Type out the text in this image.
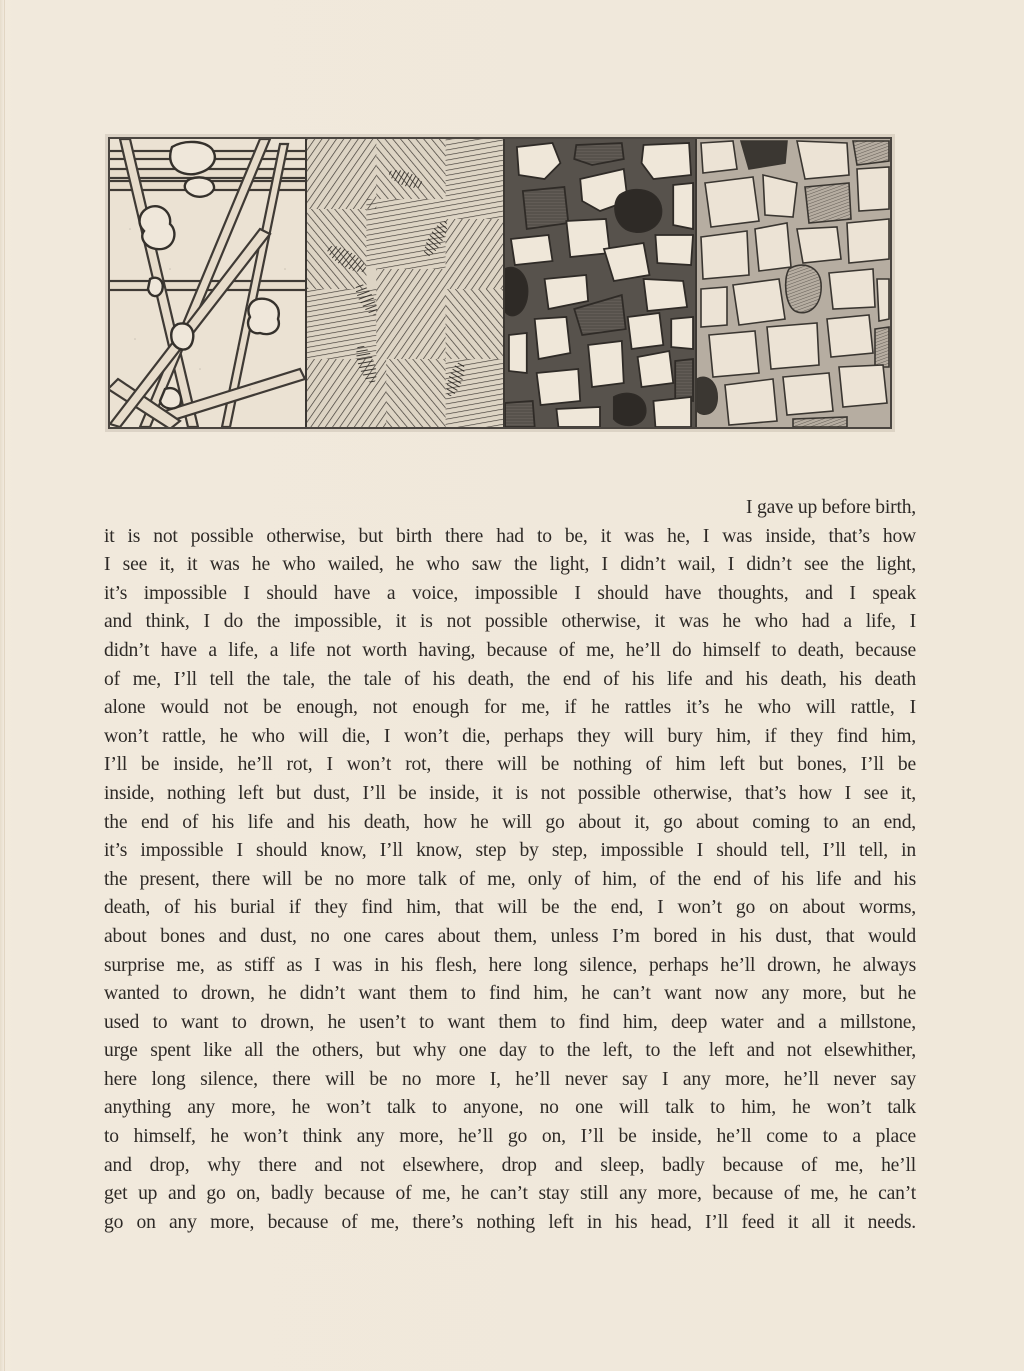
I gave up before birth,
it is not possible otherwise, but birth there had to be, it was he, I was inside, that’s how
I see it, it was he who wailed, he who saw the light, I didn’t wail, I didn’t see the light,
it’s impossible I should have a voice, impossible I should have thoughts, and I speak
and think, I do the impossible, it is not possible otherwise, it was he who had a life, I
didn’t have a life, a life not worth having, because of me, he’ll do himself to death, because
of me, I’ll tell the tale, the tale of his death, the end of his life and his death, his death
alone would not be enough, not enough for me, if he rattles it’s he who will rattle, I
won’t rattle, he who will die, I won’t die, perhaps they will bury him, if they find him,
I’ll be inside, he’ll rot, I won’t rot, there will be nothing of him left but bones, I’ll be
inside, nothing left but dust, I’ll be inside, it is not possible otherwise, that’s how I see it,
the end of his life and his death, how he will go about it, go about coming to an end,
it’s impossible I should know, I’ll know, step by step, impossible I should tell, I’ll tell, in
the present, there will be no more talk of me, only of him, of the end of his life and his
death, of his burial if they find him, that will be the end, I won’t go on about worms,
about bones and dust, no one cares about them, unless I’m bored in his dust, that would
surprise me, as stiff as I was in his flesh, here long silence, perhaps he’ll drown, he always
wanted to drown, he didn’t want them to find him, he can’t want now any more, but he
used to want to drown, he usen’t to want them to find him, deep water and a millstone,
urge spent like all the others, but why one day to the left, to the left and not elsewhither,
here long silence, there will be no more I, he’ll never say I any more, he’ll never say
anything any more, he won’t talk to anyone, no one will talk to him, he won’t talk
to himself, he won’t think any more, he’ll go on, I’ll be inside, he’ll come to a place
and drop, why there and not elsewhere, drop and sleep, badly because of me, he’ll
get up and go on, badly because of me, he can’t stay still any more, because of me, he can’t
go on any more, because of me, there’s nothing left in his head, I’ll feed it all it needs.
